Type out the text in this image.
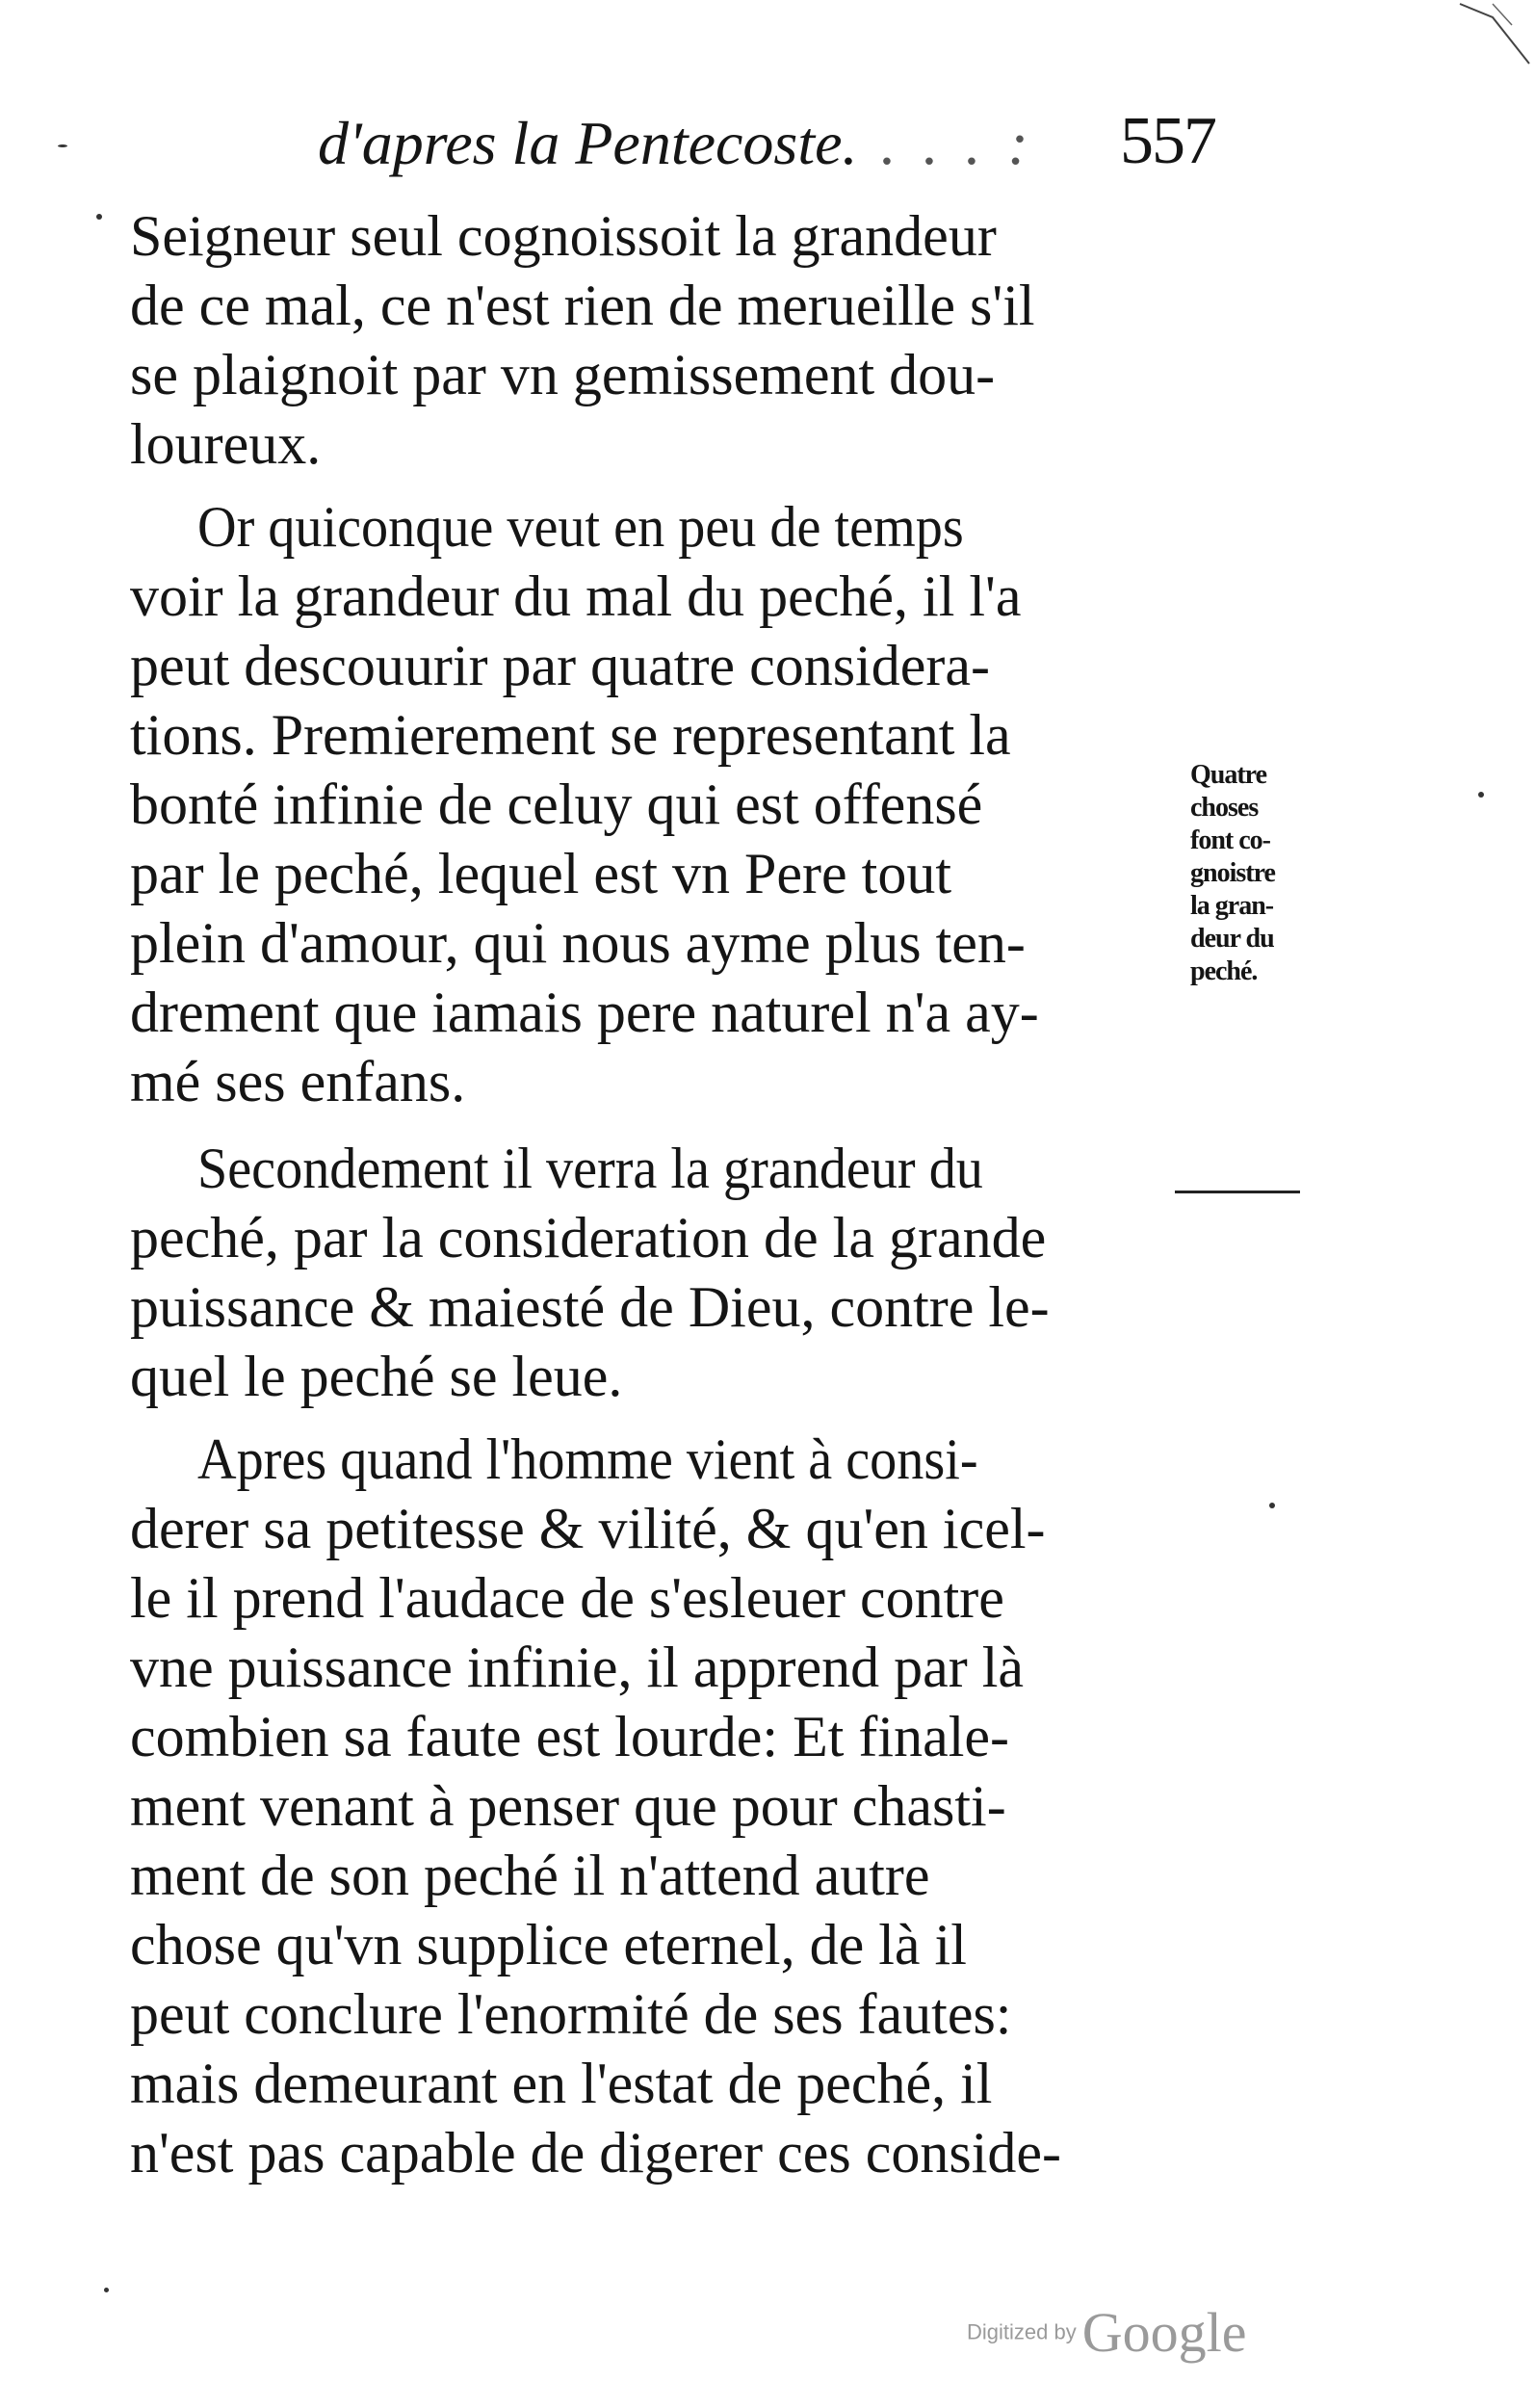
d'apres la Pentecoste. . . . :	557
Seigneur seul cognoissoit la grandeur
de ce mal, ce n'est rien de merueille s'il
se plaignoit par vn gemissement dou-
loureux.
Or quiconque veut en peu de temps
voir la grandeur du mal du peché, il l'a
peut descouurir par quatre considera-
tions. Premierement se representant la
bonté infinie de celuy qui est offensé
par le peché, lequel est vn Pere tout
plein d'amour, qui nous ayme plus ten-
drement que iamais pere naturel n'a ay-
mé ses enfans.
Secondement il verra la grandeur du
peché, par la consideration de la grande
puissance & maiesté de Dieu, contre le-
quel le peché se leue.
Apres quand l'homme vient à consi-
derer sa petitesse & vilité, & qu'en icel-
le il prend l'audace de s'esleuer contre
vne puissance infinie, il apprend par là
combien sa faute est lourde: Et finale-
ment venant à penser que pour chasti-
ment de son peché il n'attend autre
chose qu'vn supplice eternel, de là il
peut conclure l'enormité de ses fautes:
mais demeurant en l'estat de peché, il
n'est pas capable de digerer ces conside-
Quatre
choses
font co-
gnoistre
la gran-
deur du
peché.
Digitized by Google
